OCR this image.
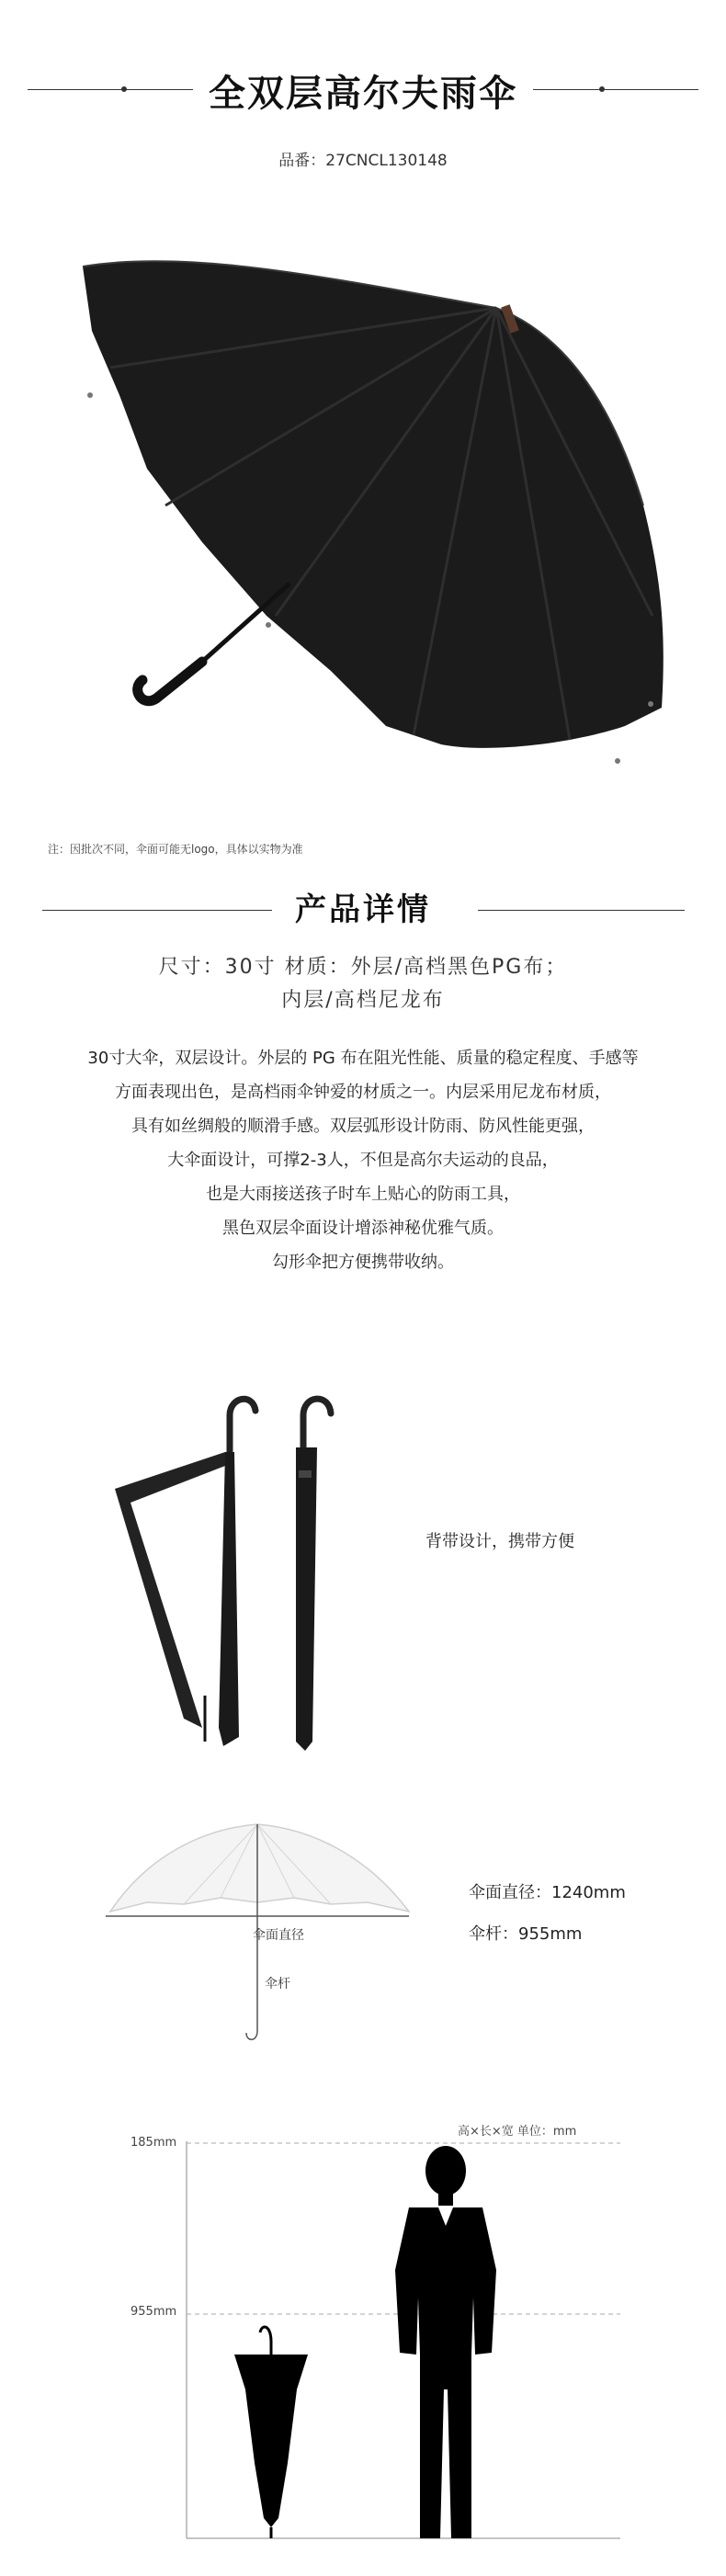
全双层高尔夫雨伞
品番：27CNCL130148
注：因批次不同，伞面可能无logo，具体以实物为准
产品详情
尺寸：30寸 材质：外层/高档黑色PG布；
内层/高档尼龙布

30寸大伞，双层设计。外层的 PG 布在阻光性能、质量的稳定程度、手感等

方面表现出色，是高档雨伞钟爱的材质之一。内层采用尼龙布材质，

具有如丝绸般的顺滑手感。双层弧形设计防雨、防风性能更强，

大伞面设计，可撑2-3人，不但是高尔夫运动的良品，

也是大雨接送孩子时车上贴心的防雨工具，

黑色双层伞面设计增添神秘优雅气质。

勾形伞把方便携带收纳。

背带设计，携带方便
伞面直径
伞杆
伞面直径：1240mm
伞杆：955mm
高×长×宽 单位：mm
185mm
955mm
